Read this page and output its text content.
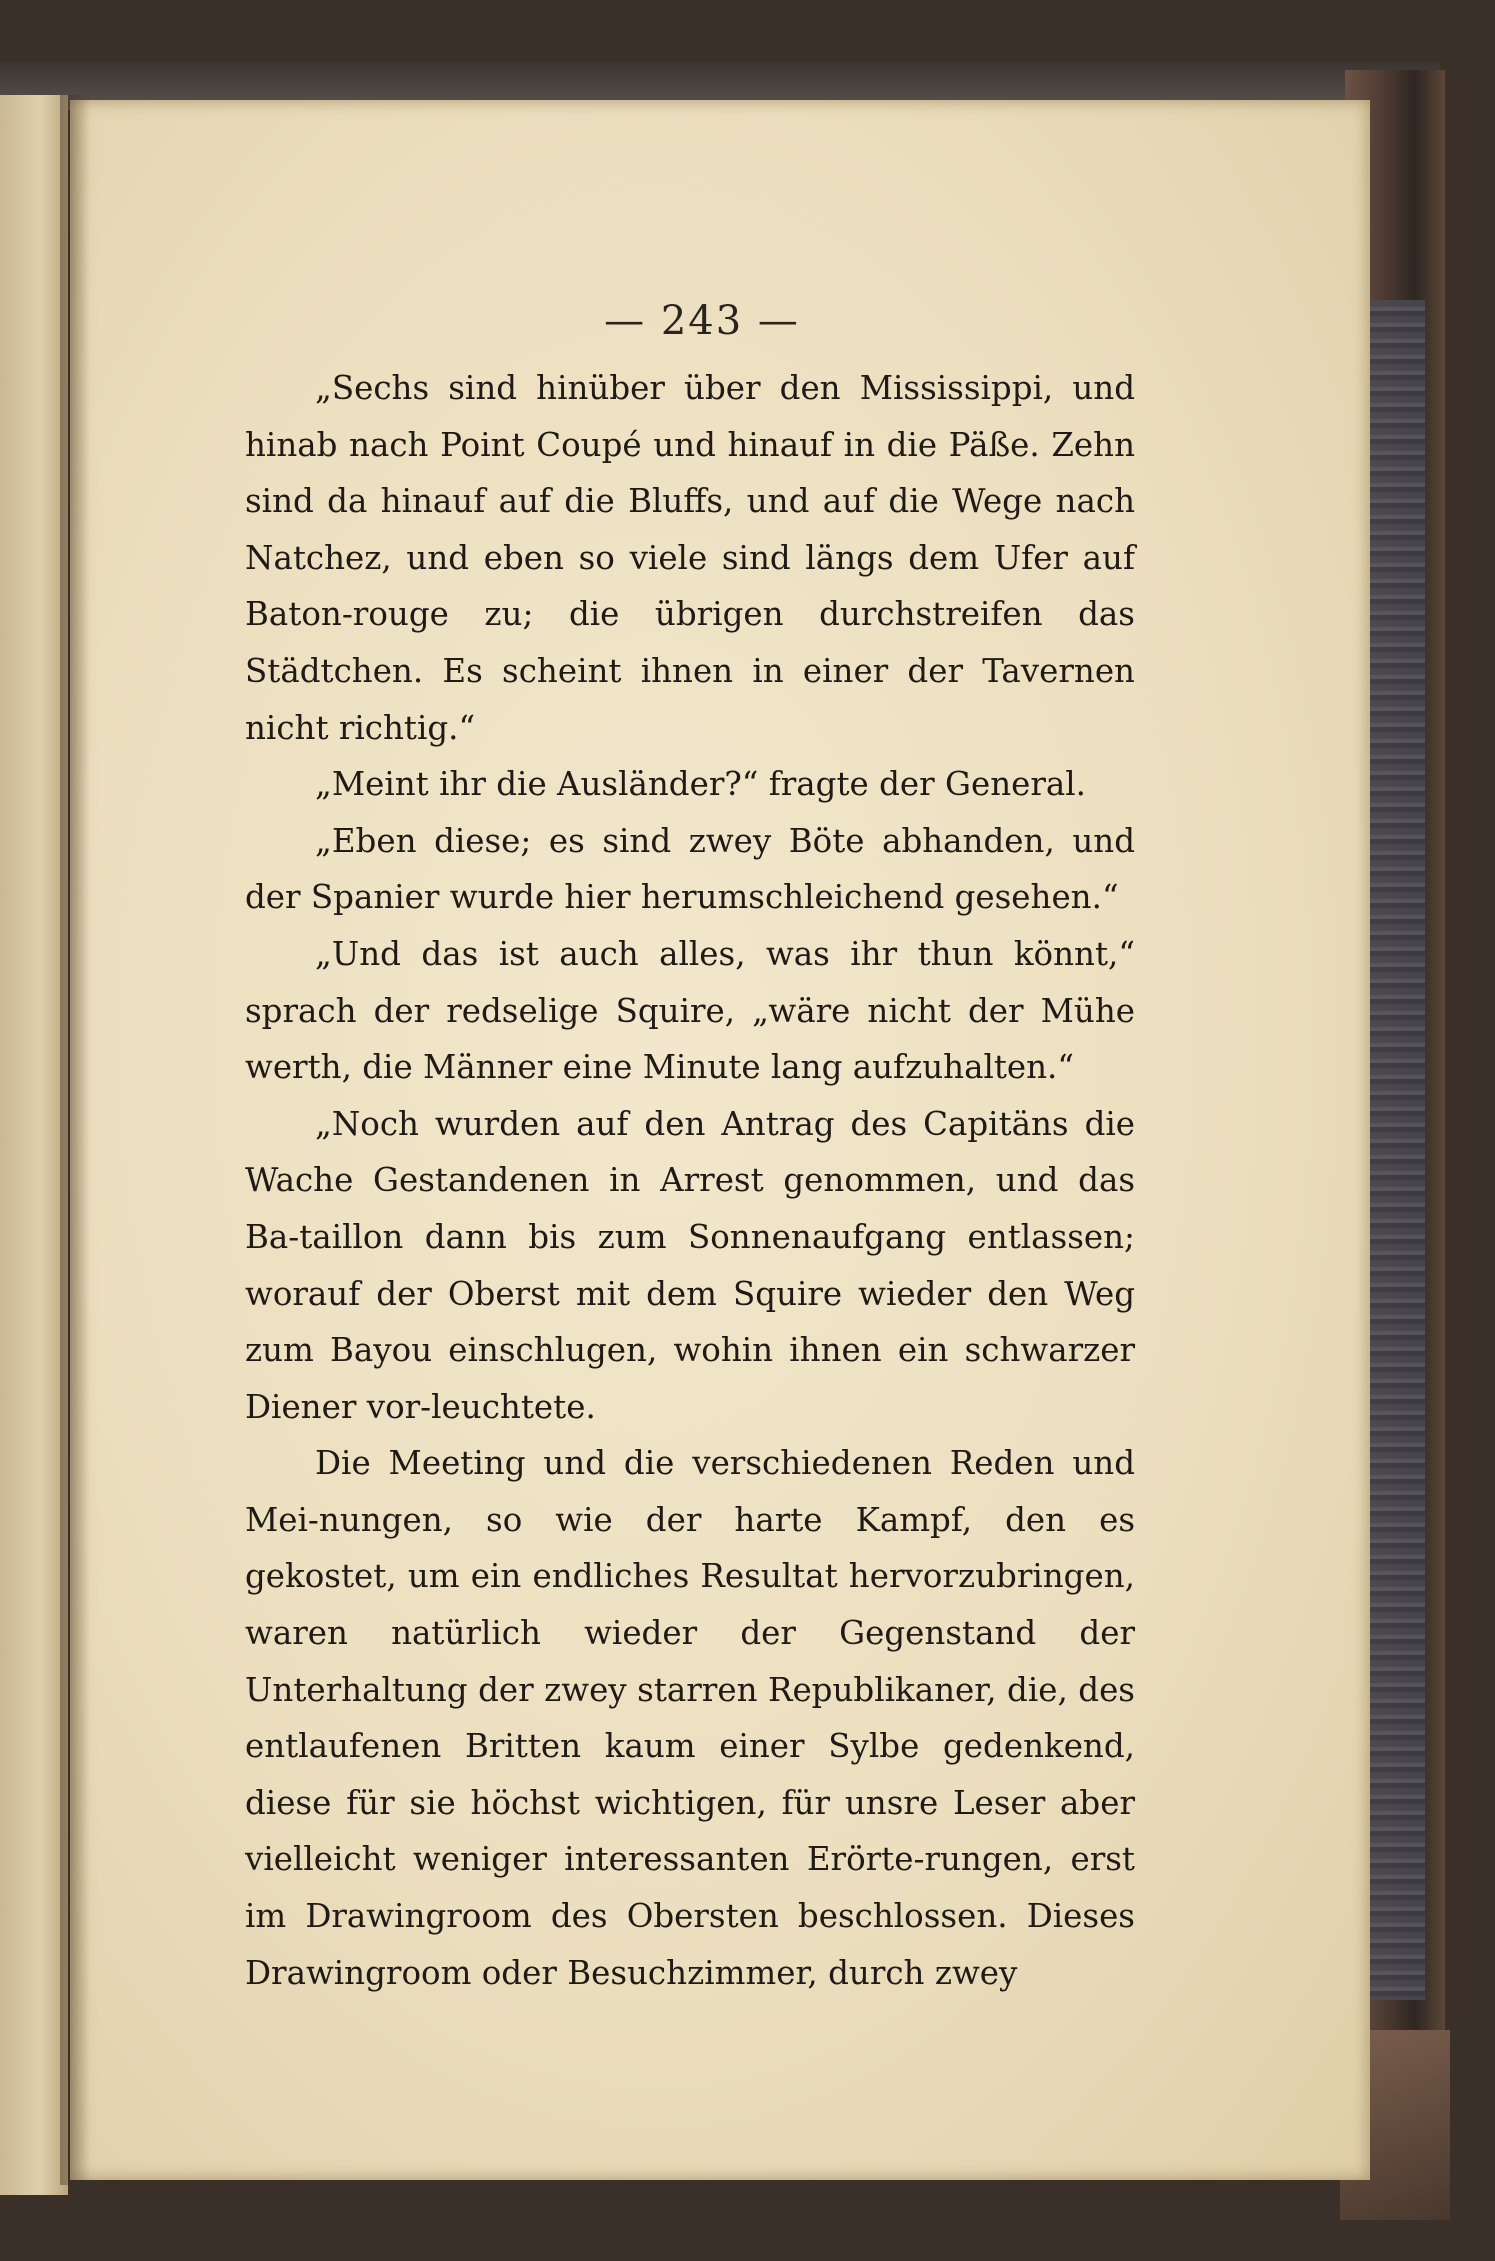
— 243 —

„Sechs sind hinüber über den Mississippi, und hinab nach Point Coupé und hinauf in die Päße. Zehn sind da hinauf auf die Bluffs, und auf die Wege nach Natchez, und eben so viele sind längs dem Ufer auf Baton-rouge zu; die übrigen durchstreifen das Städtchen. Es scheint ihnen in einer der Tavernen nicht richtig.“

„Meint ihr die Ausländer?“ fragte der General.

„Eben diese; es sind zwey Böte abhanden, und der Spanier wurde hier herumschleichend gesehen.“

„Und das ist auch alles, was ihr thun könnt,“ sprach der redselige Squire, „wäre nicht der Mühe werth, die Männer eine Minute lang aufzuhalten.“

„Noch wurden auf den Antrag des Capitäns die Wache Gestandenen in Arrest genommen, und das Ba-taillon dann bis zum Sonnenaufgang entlassen; worauf der Oberst mit dem Squire wieder den Weg zum Bayou einschlugen, wohin ihnen ein schwarzer Diener vor-leuchtete.

Die Meeting und die verschiedenen Reden und Mei-nungen, so wie der harte Kampf, den es gekostet, um ein endliches Resultat hervorzubringen, waren natürlich wieder der Gegenstand der Unterhaltung der zwey starren Republikaner, die, des entlaufenen Britten kaum einer Sylbe gedenkend, diese für sie höchst wichtigen, für unsre Leser aber vielleicht weniger interessanten Erörte-rungen, erst im Drawingroom des Obersten beschlossen. Dieses Drawingroom oder Besuchzimmer, durch zwey
